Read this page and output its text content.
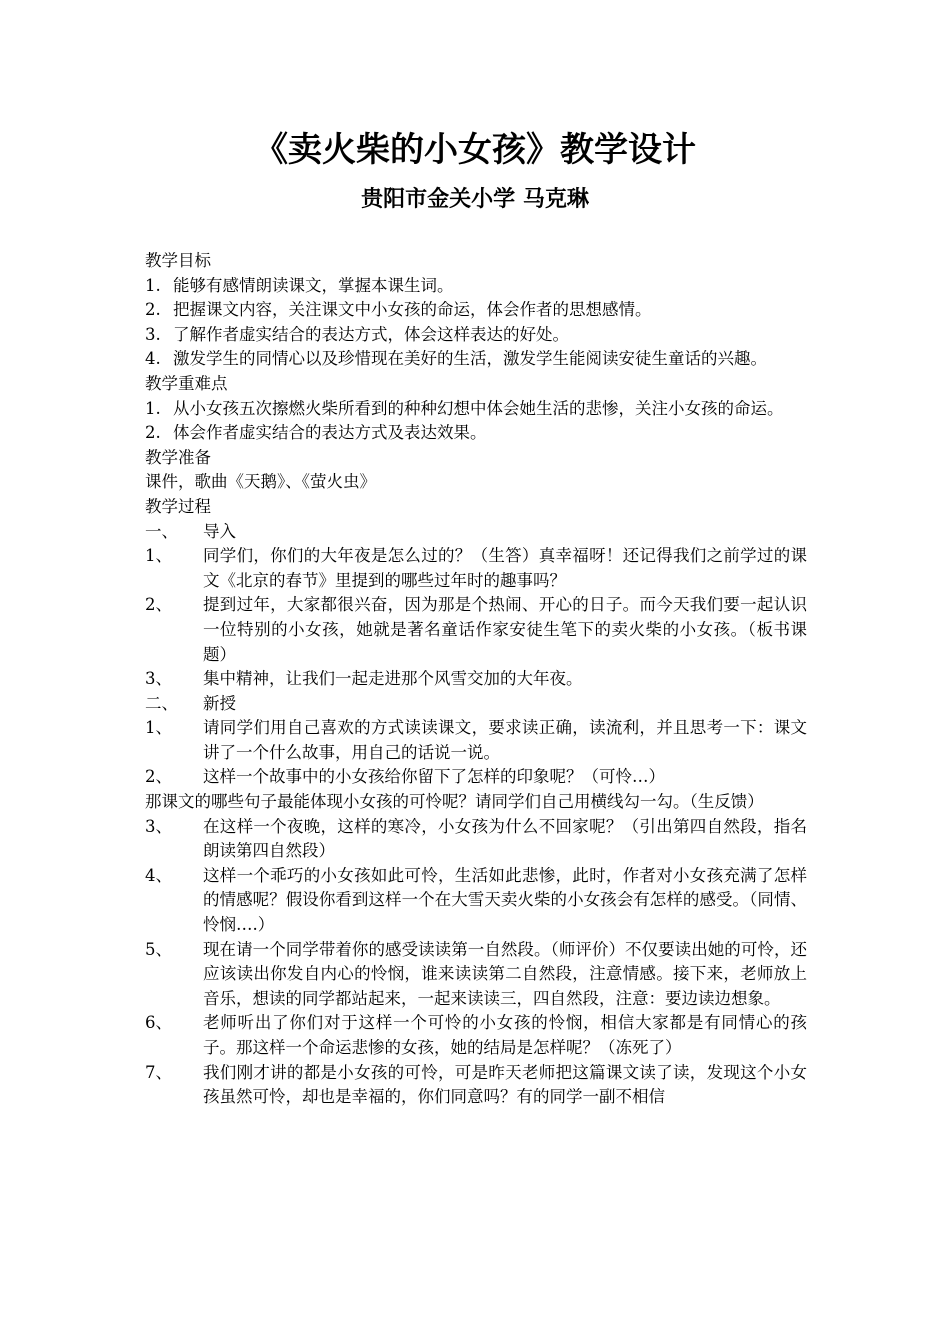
《卖火柴的小女孩》教学设计
贵阳市金关小学 马克琳

教学目标

1. 能够有感情朗读课文，掌握本课生词。
2. 把握课文内容，关注课文中小女孩的命运，体会作者的思想感情。
3. 了解作者虚实结合的表达方式，体会这样表达的好处。
4. 激发学生的同情心以及珍惜现在美好的生活，激发学生能阅读安徒生童话的兴趣。

教学重难点

1. 从小女孩五次擦燃火柴所看到的种种幻想中体会她生活的悲惨，关注小女孩的命运。
2. 体会作者虚实结合的表达方式及表达效果。

教学准备

课件，歌曲《天鹅》、《萤火虫》

教学过程

一、 导入
1、 同学们，你们的大年夜是怎么过的？（生答）真幸福呀！还记得我们之前学过的课文《北京的春节》里提到的哪些过年时的趣事吗？
2、 提到过年，大家都很兴奋，因为那是个热闹、开心的日子。而今天我们要一起认识一位特别的小女孩，她就是著名童话作家安徒生笔下的卖火柴的小女孩。（板书课题）
3、 集中精神，让我们一起走进那个风雪交加的大年夜。
二、 新授
1、 请同学们用自己喜欢的方式读读课文，要求读正确，读流利，并且思考一下：课文讲了一个什么故事，用自己的话说一说。
2、 这样一个故事中的小女孩给你留下了怎样的印象呢？（可怜…）

那课文的哪些句子最能体现小女孩的可怜呢？请同学们自己用横线勾一勾。（生反馈）

3、 在这样一个夜晚，这样的寒冷，小女孩为什么不回家呢？（引出第四自然段，指名朗读第四自然段）
4、 这样一个乖巧的小女孩如此可怜，生活如此悲惨，此时，作者对小女孩充满了怎样的情感呢？假设你看到这样一个在大雪天卖火柴的小女孩会有怎样的感受。（同情、怜悯….）
5、 现在请一个同学带着你的感受读读第一自然段。（师评价）不仅要读出她的可怜，还应该读出你发自内心的怜悯，谁来读读第二自然段，注意情感。接下来，老师放上音乐，想读的同学都站起来，一起来读读三，四自然段，注意：要边读边想象。
6、 老师听出了你们对于这样一个可怜的小女孩的怜悯，相信大家都是有同情心的孩子。那这样一个命运悲惨的女孩，她的结局是怎样呢？（冻死了）
7、 我们刚才讲的都是小女孩的可怜，可是昨天老师把这篇课文读了读，发现这个小女孩虽然可怜，却也是幸福的，你们同意吗？有的同学一副不相信
